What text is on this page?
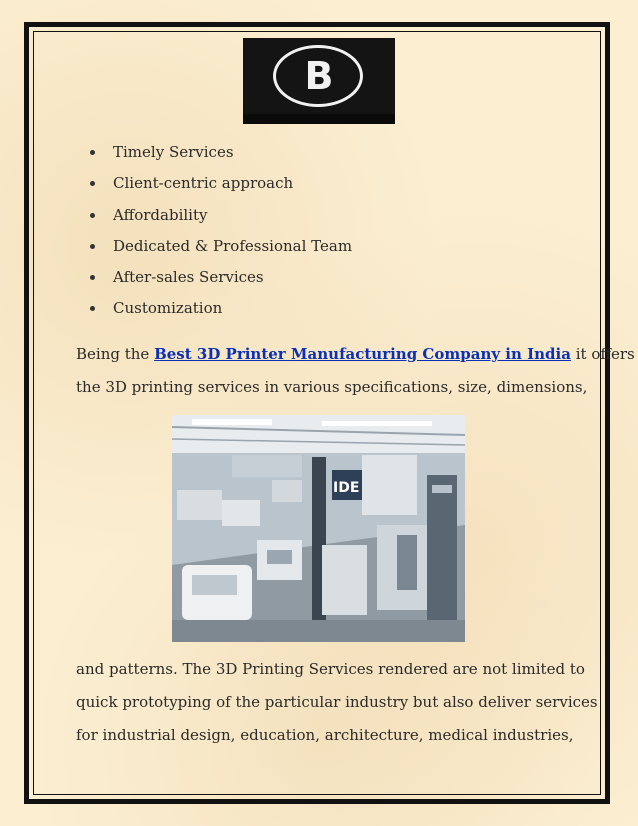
B
Timely Services
Client-centric approach
Affordability
Dedicated & Professional Team
After-sales Services
Customization
Being the Best 3D Printer Manufacturing Company in India it offers
the 3D printing services in various specifications, size, dimensions,
IDE
and patterns. The 3D Printing Services rendered are not limited to
quick prototyping of the particular industry but also deliver services
for industrial design, education, architecture, medical industries,
